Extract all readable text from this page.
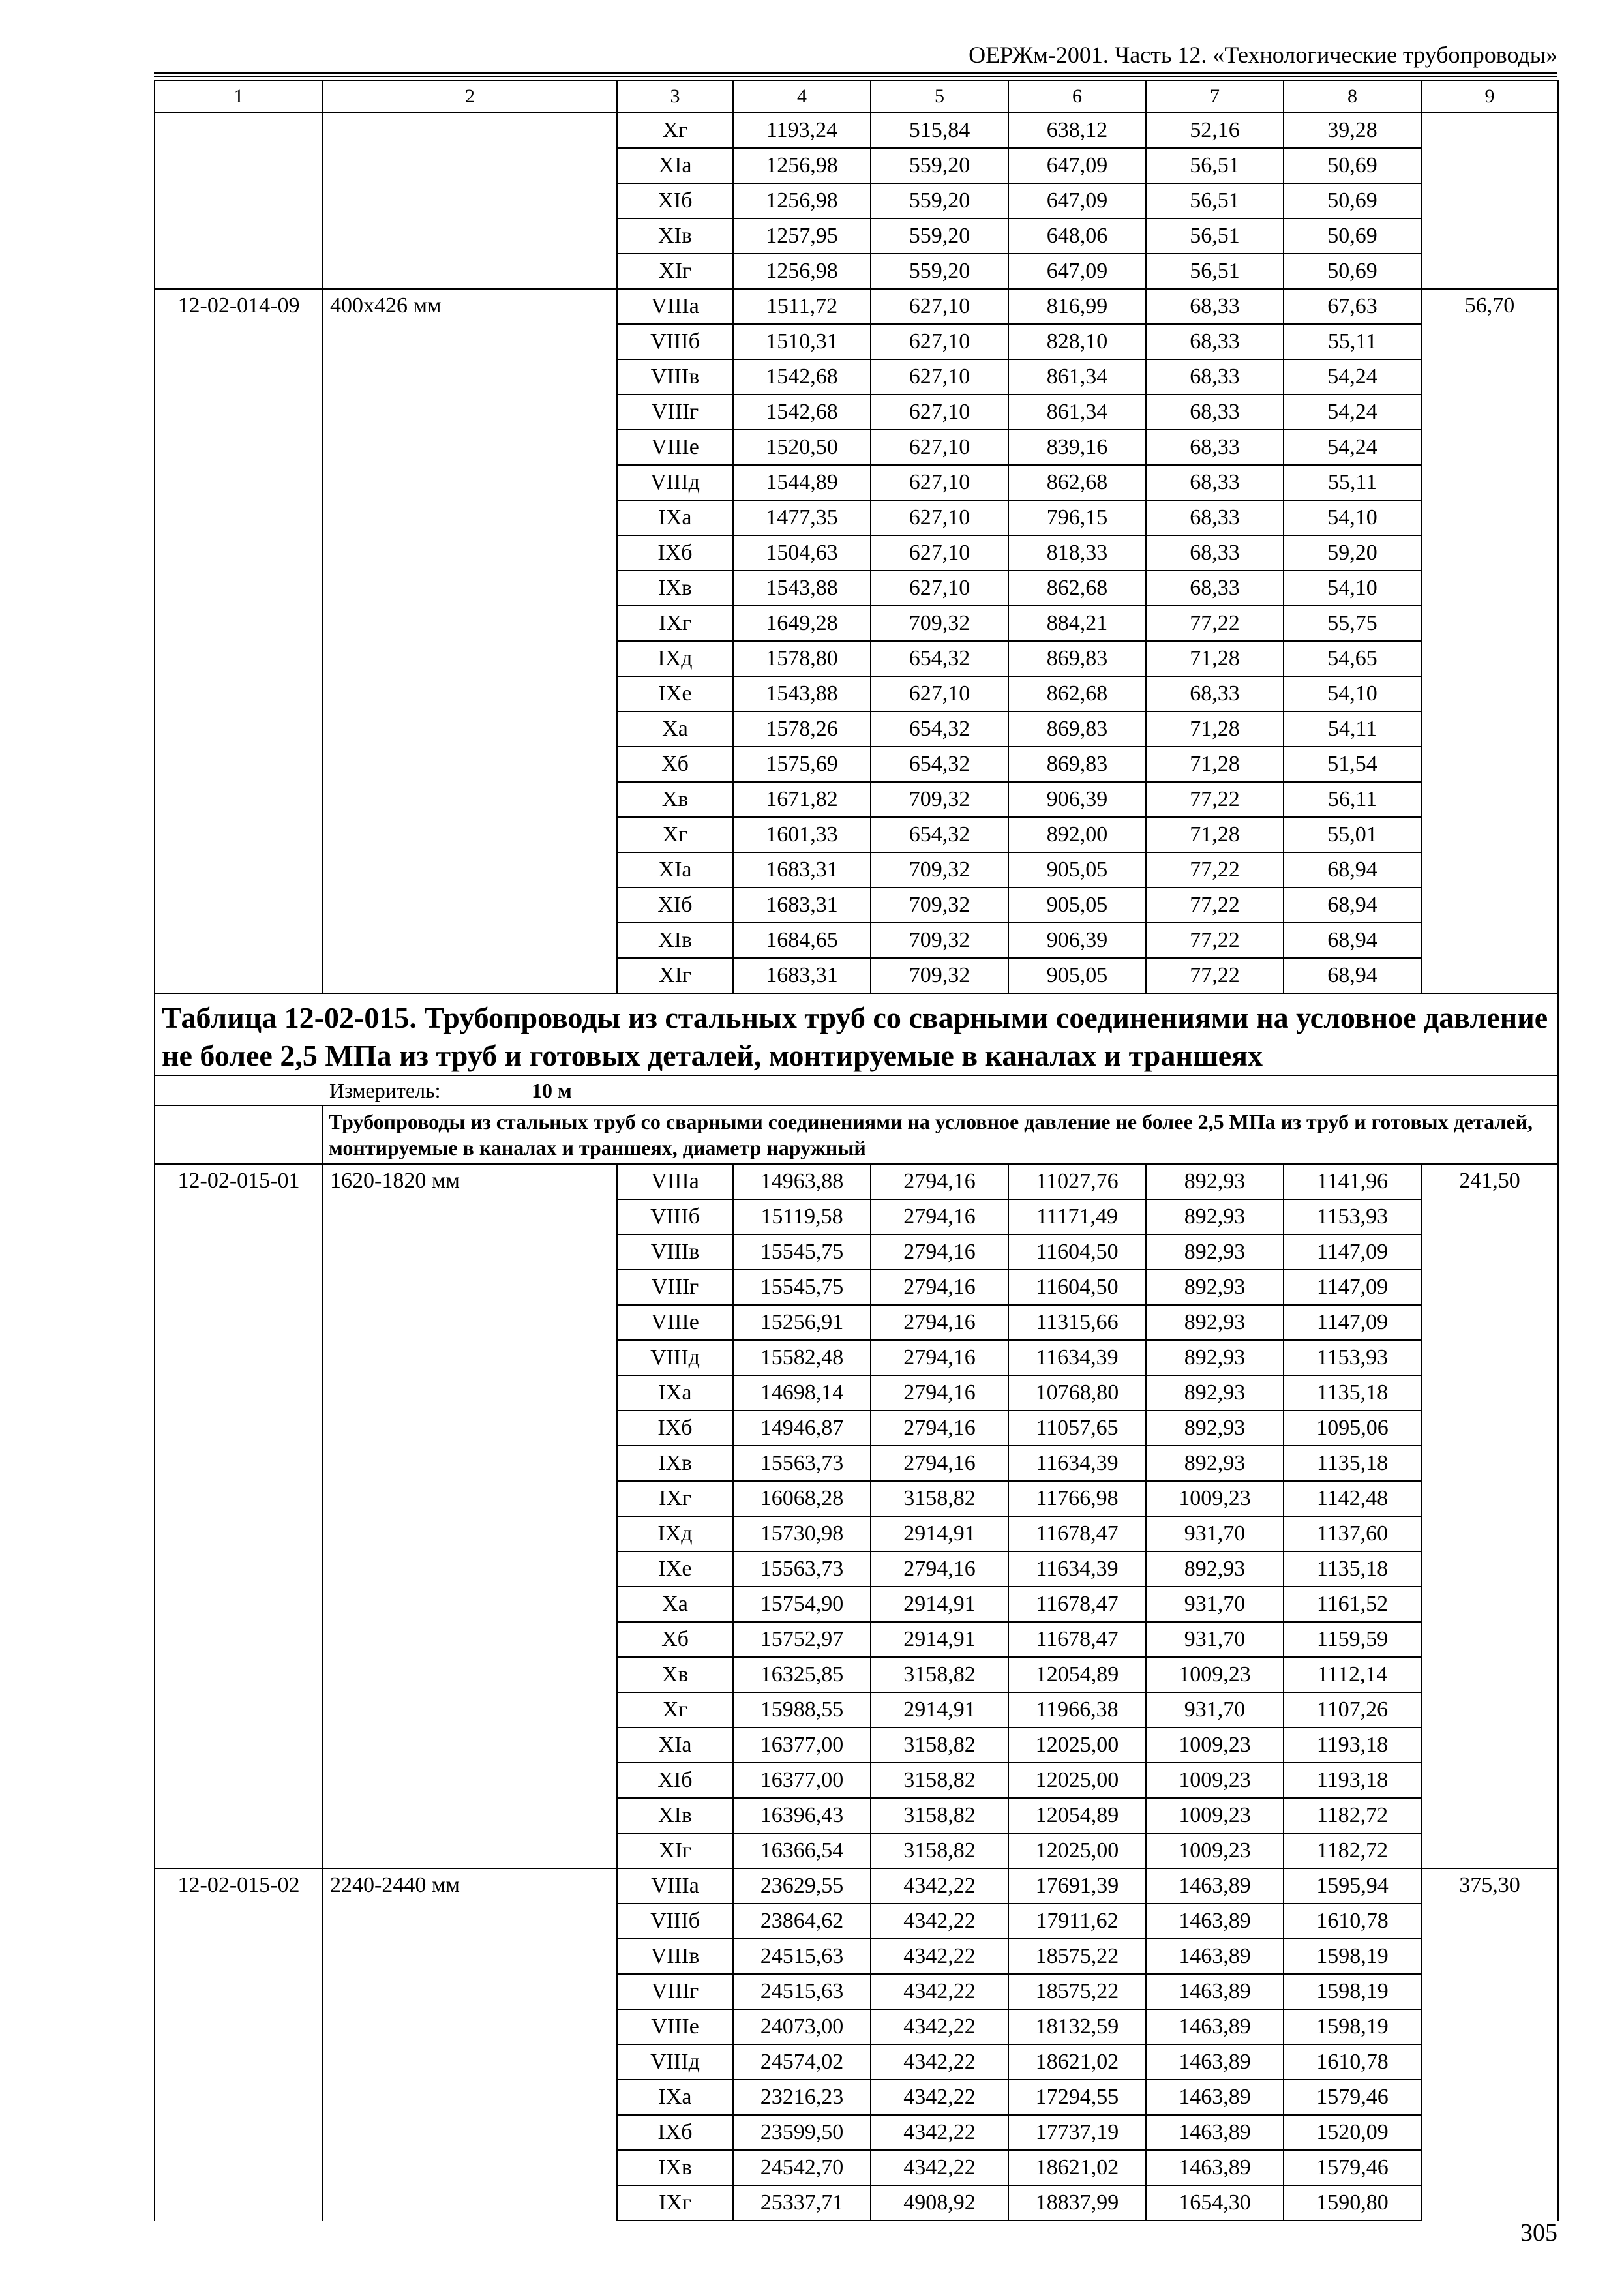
ОЕРЖм-2001. Часть 12. «Технологические трубопроводы»
1	2	3	4	5	6	7	8	9
		Xг	1193,24	515,84	638,12	52,16	39,28	
		XIа	1256,98	559,20	647,09	56,51	50,69	
		XIб	1256,98	559,20	647,09	56,51	50,69	
		XIв	1257,95	559,20	648,06	56,51	50,69	
		XIг	1256,98	559,20	647,09	56,51	50,69	
12-02-014-09	400х426 мм	VIIIа	1511,72	627,10	816,99	68,33	67,63	56,70
		VIIIб	1510,31	627,10	828,10	68,33	55,11	
		VIIIв	1542,68	627,10	861,34	68,33	54,24	
		VIIIг	1542,68	627,10	861,34	68,33	54,24	
		VIIIе	1520,50	627,10	839,16	68,33	54,24	
		VIIIд	1544,89	627,10	862,68	68,33	55,11	
		IXа	1477,35	627,10	796,15	68,33	54,10	
		IXб	1504,63	627,10	818,33	68,33	59,20	
		IXв	1543,88	627,10	862,68	68,33	54,10	
		IXг	1649,28	709,32	884,21	77,22	55,75	
		IXд	1578,80	654,32	869,83	71,28	54,65	
		IXе	1543,88	627,10	862,68	68,33	54,10	
		Xа	1578,26	654,32	869,83	71,28	54,11	
		Xб	1575,69	654,32	869,83	71,28	51,54	
		Xв	1671,82	709,32	906,39	77,22	56,11	
		Xг	1601,33	654,32	892,00	71,28	55,01	
		XIа	1683,31	709,32	905,05	77,22	68,94	
		XIб	1683,31	709,32	905,05	77,22	68,94	
		XIв	1684,65	709,32	906,39	77,22	68,94	
		XIг	1683,31	709,32	905,05	77,22	68,94	
Таблица 12-02-015. Трубопроводы из стальных труб со сварными соединениями на условное давление не более 2,5 МПа из труб и готовых деталей, монтируемые в каналах и траншеях								
Измеритель: 10 м								
	Трубопроводы из стальных труб со сварными соединениями на условное давление не более 2,5 МПа из труб и готовых деталей, монтируемые в каналах и траншеях, диаметр наружный							
12-02-015-01	1620-1820 мм	VIIIа	14963,88	2794,16	11027,76	892,93	1141,96	241,50
		VIIIб	15119,58	2794,16	11171,49	892,93	1153,93	
		VIIIв	15545,75	2794,16	11604,50	892,93	1147,09	
		VIIIг	15545,75	2794,16	11604,50	892,93	1147,09	
		VIIIе	15256,91	2794,16	11315,66	892,93	1147,09	
		VIIIд	15582,48	2794,16	11634,39	892,93	1153,93	
		IXа	14698,14	2794,16	10768,80	892,93	1135,18	
		IXб	14946,87	2794,16	11057,65	892,93	1095,06	
		IXв	15563,73	2794,16	11634,39	892,93	1135,18	
		IXг	16068,28	3158,82	11766,98	1009,23	1142,48	
		IXд	15730,98	2914,91	11678,47	931,70	1137,60	
		IXе	15563,73	2794,16	11634,39	892,93	1135,18	
		Xа	15754,90	2914,91	11678,47	931,70	1161,52	
		Xб	15752,97	2914,91	11678,47	931,70	1159,59	
		Xв	16325,85	3158,82	12054,89	1009,23	1112,14	
		Xг	15988,55	2914,91	11966,38	931,70	1107,26	
		XIа	16377,00	3158,82	12025,00	1009,23	1193,18	
		XIб	16377,00	3158,82	12025,00	1009,23	1193,18	
		XIв	16396,43	3158,82	12054,89	1009,23	1182,72	
		XIг	16366,54	3158,82	12025,00	1009,23	1182,72	
12-02-015-02	2240-2440 мм	VIIIа	23629,55	4342,22	17691,39	1463,89	1595,94	375,30
		VIIIб	23864,62	4342,22	17911,62	1463,89	1610,78	
		VIIIв	24515,63	4342,22	18575,22	1463,89	1598,19	
		VIIIг	24515,63	4342,22	18575,22	1463,89	1598,19	
		VIIIе	24073,00	4342,22	18132,59	1463,89	1598,19	
		VIIIд	24574,02	4342,22	18621,02	1463,89	1610,78	
		IXа	23216,23	4342,22	17294,55	1463,89	1579,46	
		IXб	23599,50	4342,22	17737,19	1463,89	1520,09	
		IXв	24542,70	4342,22	18621,02	1463,89	1579,46	
		IXг	25337,71	4908,92	18837,99	1654,30	1590,80	
305
